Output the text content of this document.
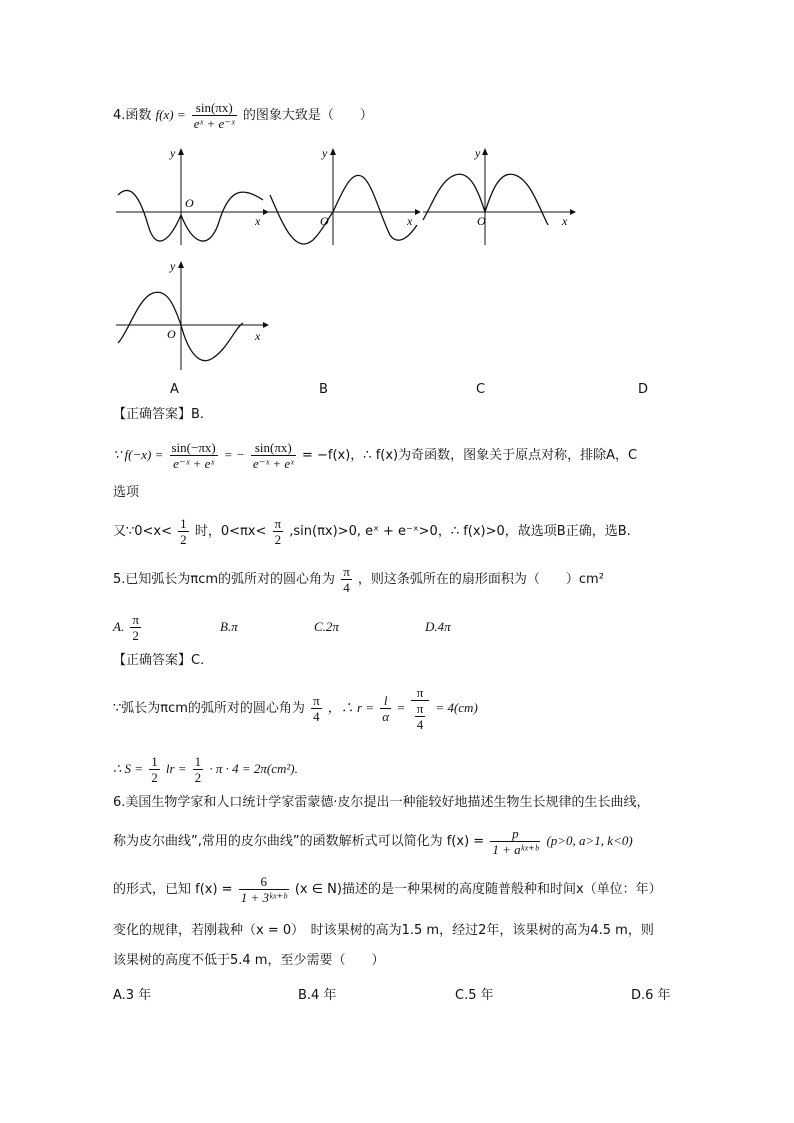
4.函数 $f(x) = \frac{\sin(\pi x)}{\text{eˣ + e⁻ˣ}}$ 的图象大致是（　　）
y
x
O
y
x
O
y
x
O
y
x
O
A	B	C	D
【正确答案】B.
∵ $f(-x) = \frac{\sin(-\pi x)}{\text{e⁻ˣ + eˣ}}$ = − $\frac{\sin(\pi x)}{\text{e⁻ˣ + eˣ}} = -f(x)$，∴ f(x)为奇函数，图象关于原点对称，排除A，C
选项
又∵0<x< $\frac{1}{2}$ 时，$0<\pi x< \frac{\pi}{2} ,\sin(\pi x)>0$, eˣ + e⁻ˣ>0，∴ f(x)>0，故选项B正确，选B.
5.已知弧长为πcm的弧所对的圆心角为 $\frac{\pi}{4}$ ，则这条弧所在的扇形面积为（　　）cm²
A. $\frac{\pi}{2}$	B.π	C.2π	D.4π
【正确答案】C.
∵弧长为πcm的弧所对的圆心角为 $\frac{\pi}{4}$ ，∴ $r = \frac{l}{\alpha} = \frac{\pi}{\frac{\pi}{4}} = 4(cm)$
∴ $S = \frac{1}{2}$ lr = $\frac{1}{2} \cdot \pi \cdot 4 = 2\pi(cm^2)$.
6.美国生物学家和人口统计学家雷蒙德·皮尔提出一种能较好地描述生物生长规律的生长曲线，
称为皮尔曲线”,常用的皮尔曲线”的函数解析式可以简化为 $f(x) = \frac{p}{\text{1 + aᵏˣ⁺ᵇ}} (p>0$, a>1, k<0)
的形式，已知 $f(x) = \frac{6}{\text{1 + 3ᵏˣ⁺ᵇ}} (x$ ∈ N)描述的是一种果树的高度随普般种和时间x（单位：年）
变化的规律，若刚栽种（x = 0）　时该果树的高为1.5 m，经过2年，该果树的高为4.5 m，则
该果树的高度不低于5.4 m，至少需要（　　）
A.3 年	B.4 年	C.5 年	D.6 年
